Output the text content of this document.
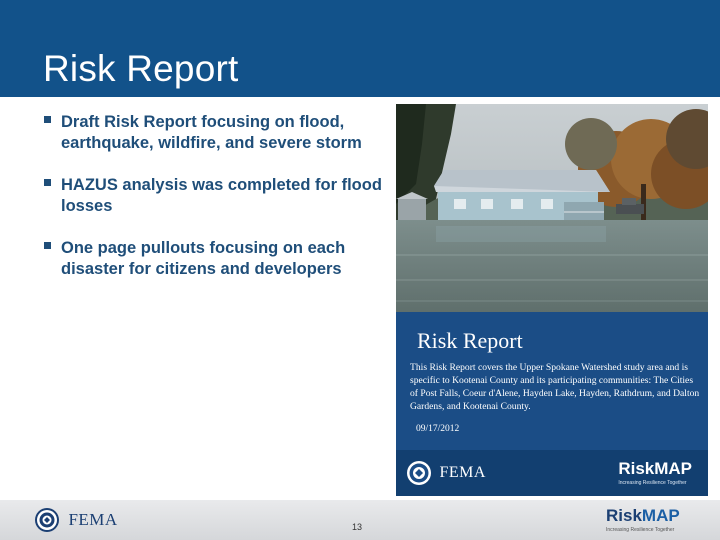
Risk Report
Draft Risk Report focusing on flood, earthquake, wildfire, and severe storm
HAZUS analysis was completed for flood losses
One page pullouts focusing on each disaster for citizens and developers
Risk Report
This Risk Report covers the Upper Spokane Watershed study area and is specific to Kootenai County and its participating communities: The Cities of Post Falls, Coeur d'Alene, Hayden Lake, Hayden, Rathdrum, and Dalton Gardens, and Kootenai County.
09/17/2012
FEMA	RiskMAP
Increasing Resilience Together
FEMA	13
RiskMAP
Increasing Resilience Together
